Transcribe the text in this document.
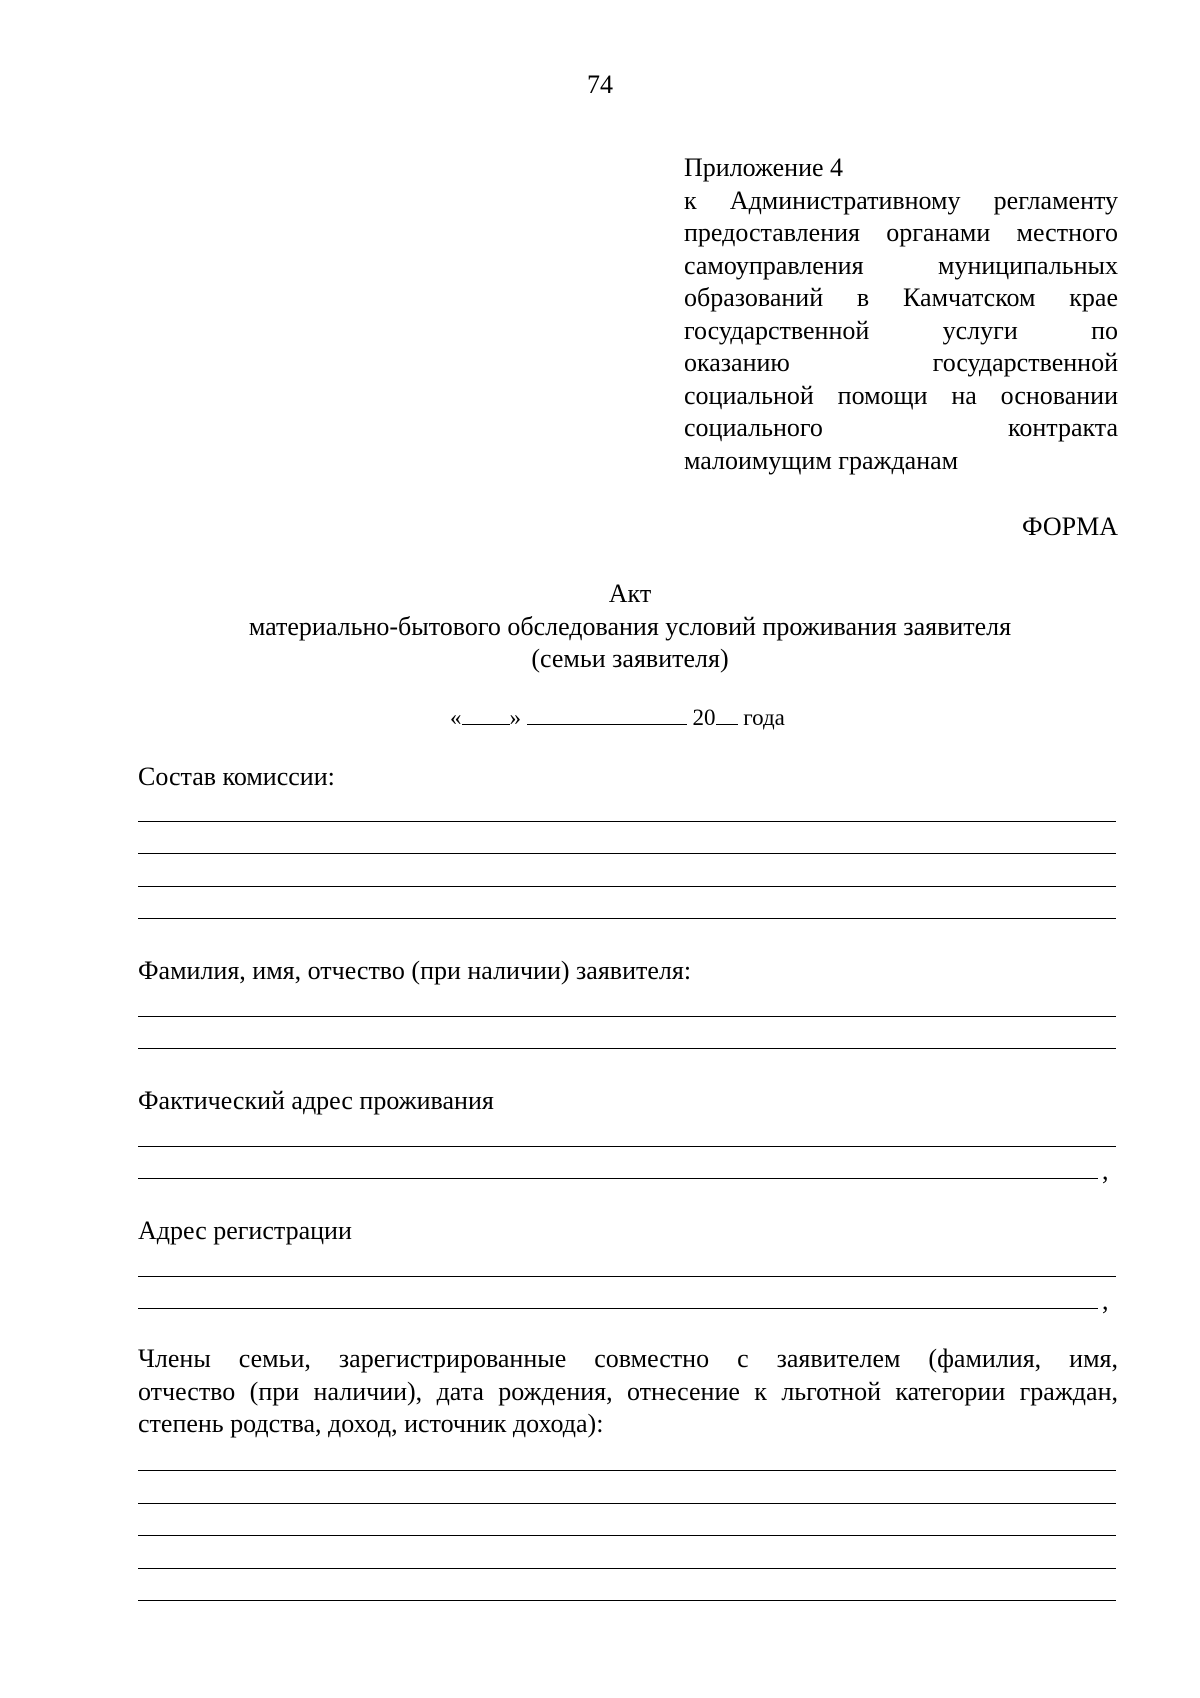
74
Приложение 4
к Административному регламенту
предоставления органами местного
самоуправления муниципальных
образований в Камчатском крае
государственной услуги по
оказанию государственной
социальной помощи на основании
социального контракта
малоимущим гражданам
ФОРМА
Акт
материально-бытового обследования условий проживания заявителя
(семьи заявителя)
« »	20 года
Состав комиссии:
Фамилия, имя, отчество (при наличии) заявителя:
Фактический адрес проживания
,
Адрес регистрации
,
Члены семьи, зарегистрированные совместно с заявителем (фамилия, имя,
отчество (при наличии), дата рождения, отнесение к льготной категории граждан,
степень родства, доход, источник дохода):
